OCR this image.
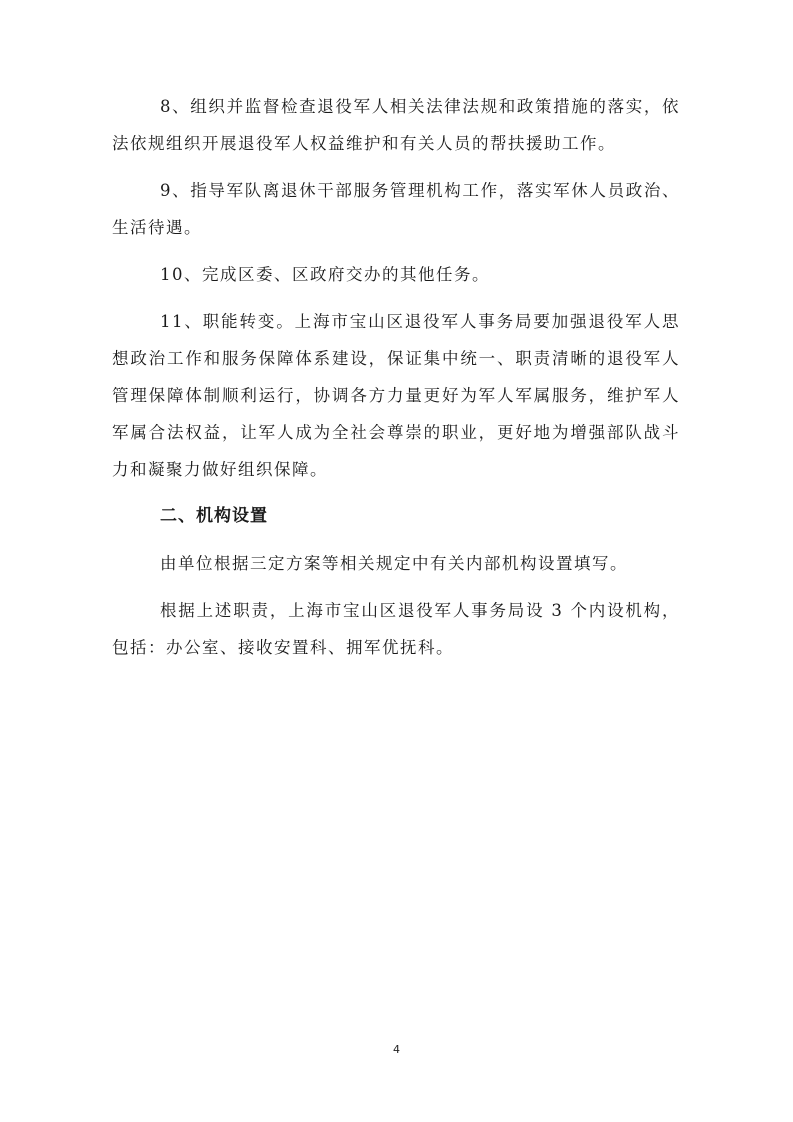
8、组织并监督检查退役军人相关法律法规和政策措施的落实，依法依规组织开展退役军人权益维护和有关人员的帮扶援助工作。

9、指导军队离退休干部服务管理机构工作，落实军休人员政治、生活待遇。

10、完成区委、区政府交办的其他任务。

11、职能转变。上海市宝山区退役军人事务局要加强退役军人思想政治工作和服务保障体系建设，保证集中统一、职责清晰的退役军人管理保障体制顺利运行，协调各方力量更好为军人军属服务，维护军人军属合法权益，让军人成为全社会尊崇的职业，更好地为增强部队战斗力和凝聚力做好组织保障。

二、机构设置

由单位根据三定方案等相关规定中有关内部机构设置填写。

根据上述职责，上海市宝山区退役军人事务局设 3 个内设机构，包括：办公室、接收安置科、拥军优抚科。

4
